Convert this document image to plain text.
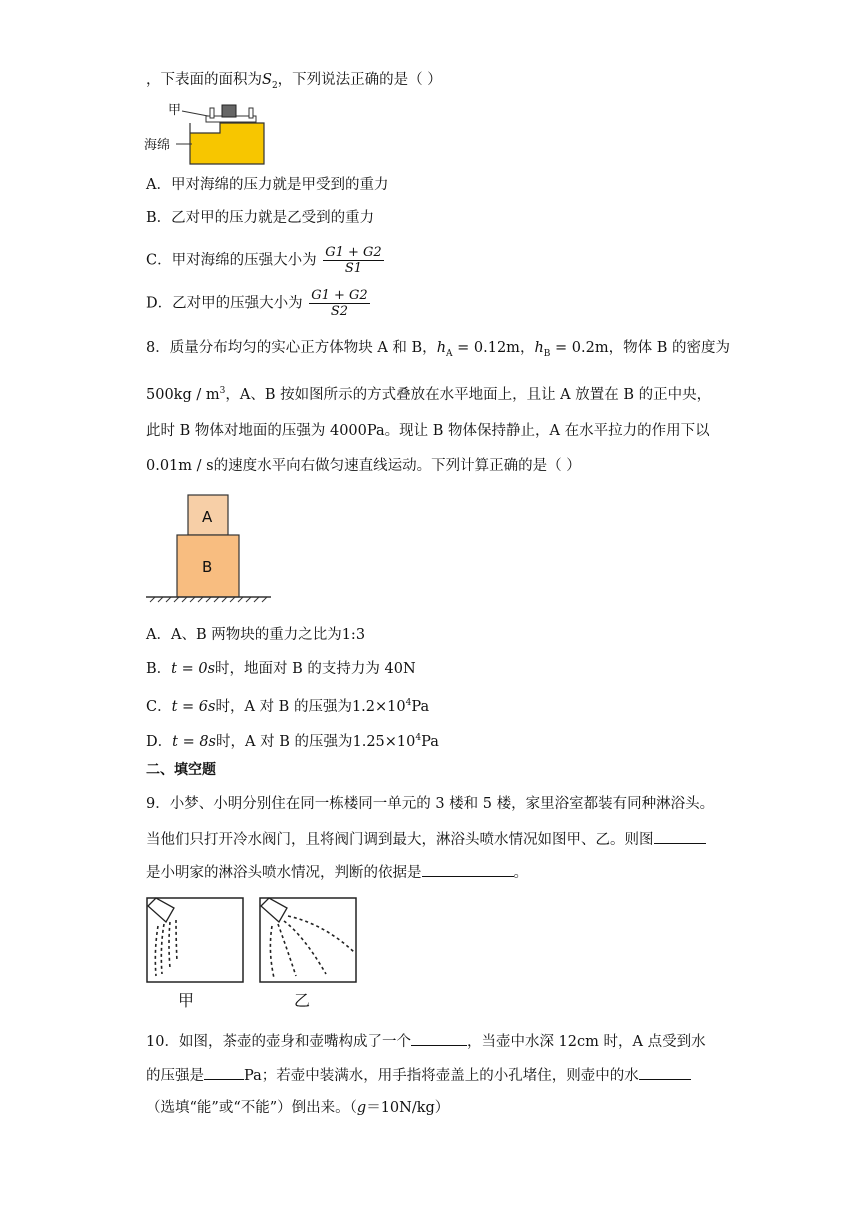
，下表面的面积为$S_2$，下列说法正确的是（ ）
甲
海绵
A．甲对海绵的压力就是甲受到的重力
B．乙对甲的压力就是乙受到的重力
C．甲对海绵的压强大小为 $\frac{G1 + G2}{S1}$
D．乙对甲的压强大小为 $\frac{G1 + G2}{S2}$
8．质量分布均匀的实心正方体物块 A 和 B，$h_A = 0.12m$，$h_B = 0.2m$，物体 B 的密度为
$500kg / m^3$，A、B 按如图所示的方式叠放在水平地面上，且让 A 放置在 B 的正中央，
此时 B 物体对地面的压强为 4000Pa。现让 B 物体保持静止，A 在水平拉力的作用下以
0.01m / s的速度水平向右做匀速直线运动。下列计算正确的是（ ）
A
B
A．A、B 两物块的重力之比为1:3
B．t = 0s时，地面对 B 的支持力为 40N
C．t = 6s时，A 对 B 的压强为$1.2\times 10^4Pa$
D．t = 8s时，A 对 B 的压强为$1.25\times 10^4Pa$
二、填空题
9．小梦、小明分别住在同一栋楼同一单元的 3 楼和 5 楼，家里浴室都装有同种淋浴头。
当他们只打开冷水阀门，且将阀门调到最大，淋浴头喷水情况如图甲、乙。则图
是小明家的淋浴头喷水情况，判断的依据是	。
甲	乙
10．如图，茶壶的壶身和壶嘴构成了一个	，当壶中水深 12cm 时，A 点受到水
的压强是	Pa；若壶中装满水，用手指将壶盖上的小孔堵住，则壶中的水
（选填“能”或“不能”）倒出来。（g＝10N/kg）
